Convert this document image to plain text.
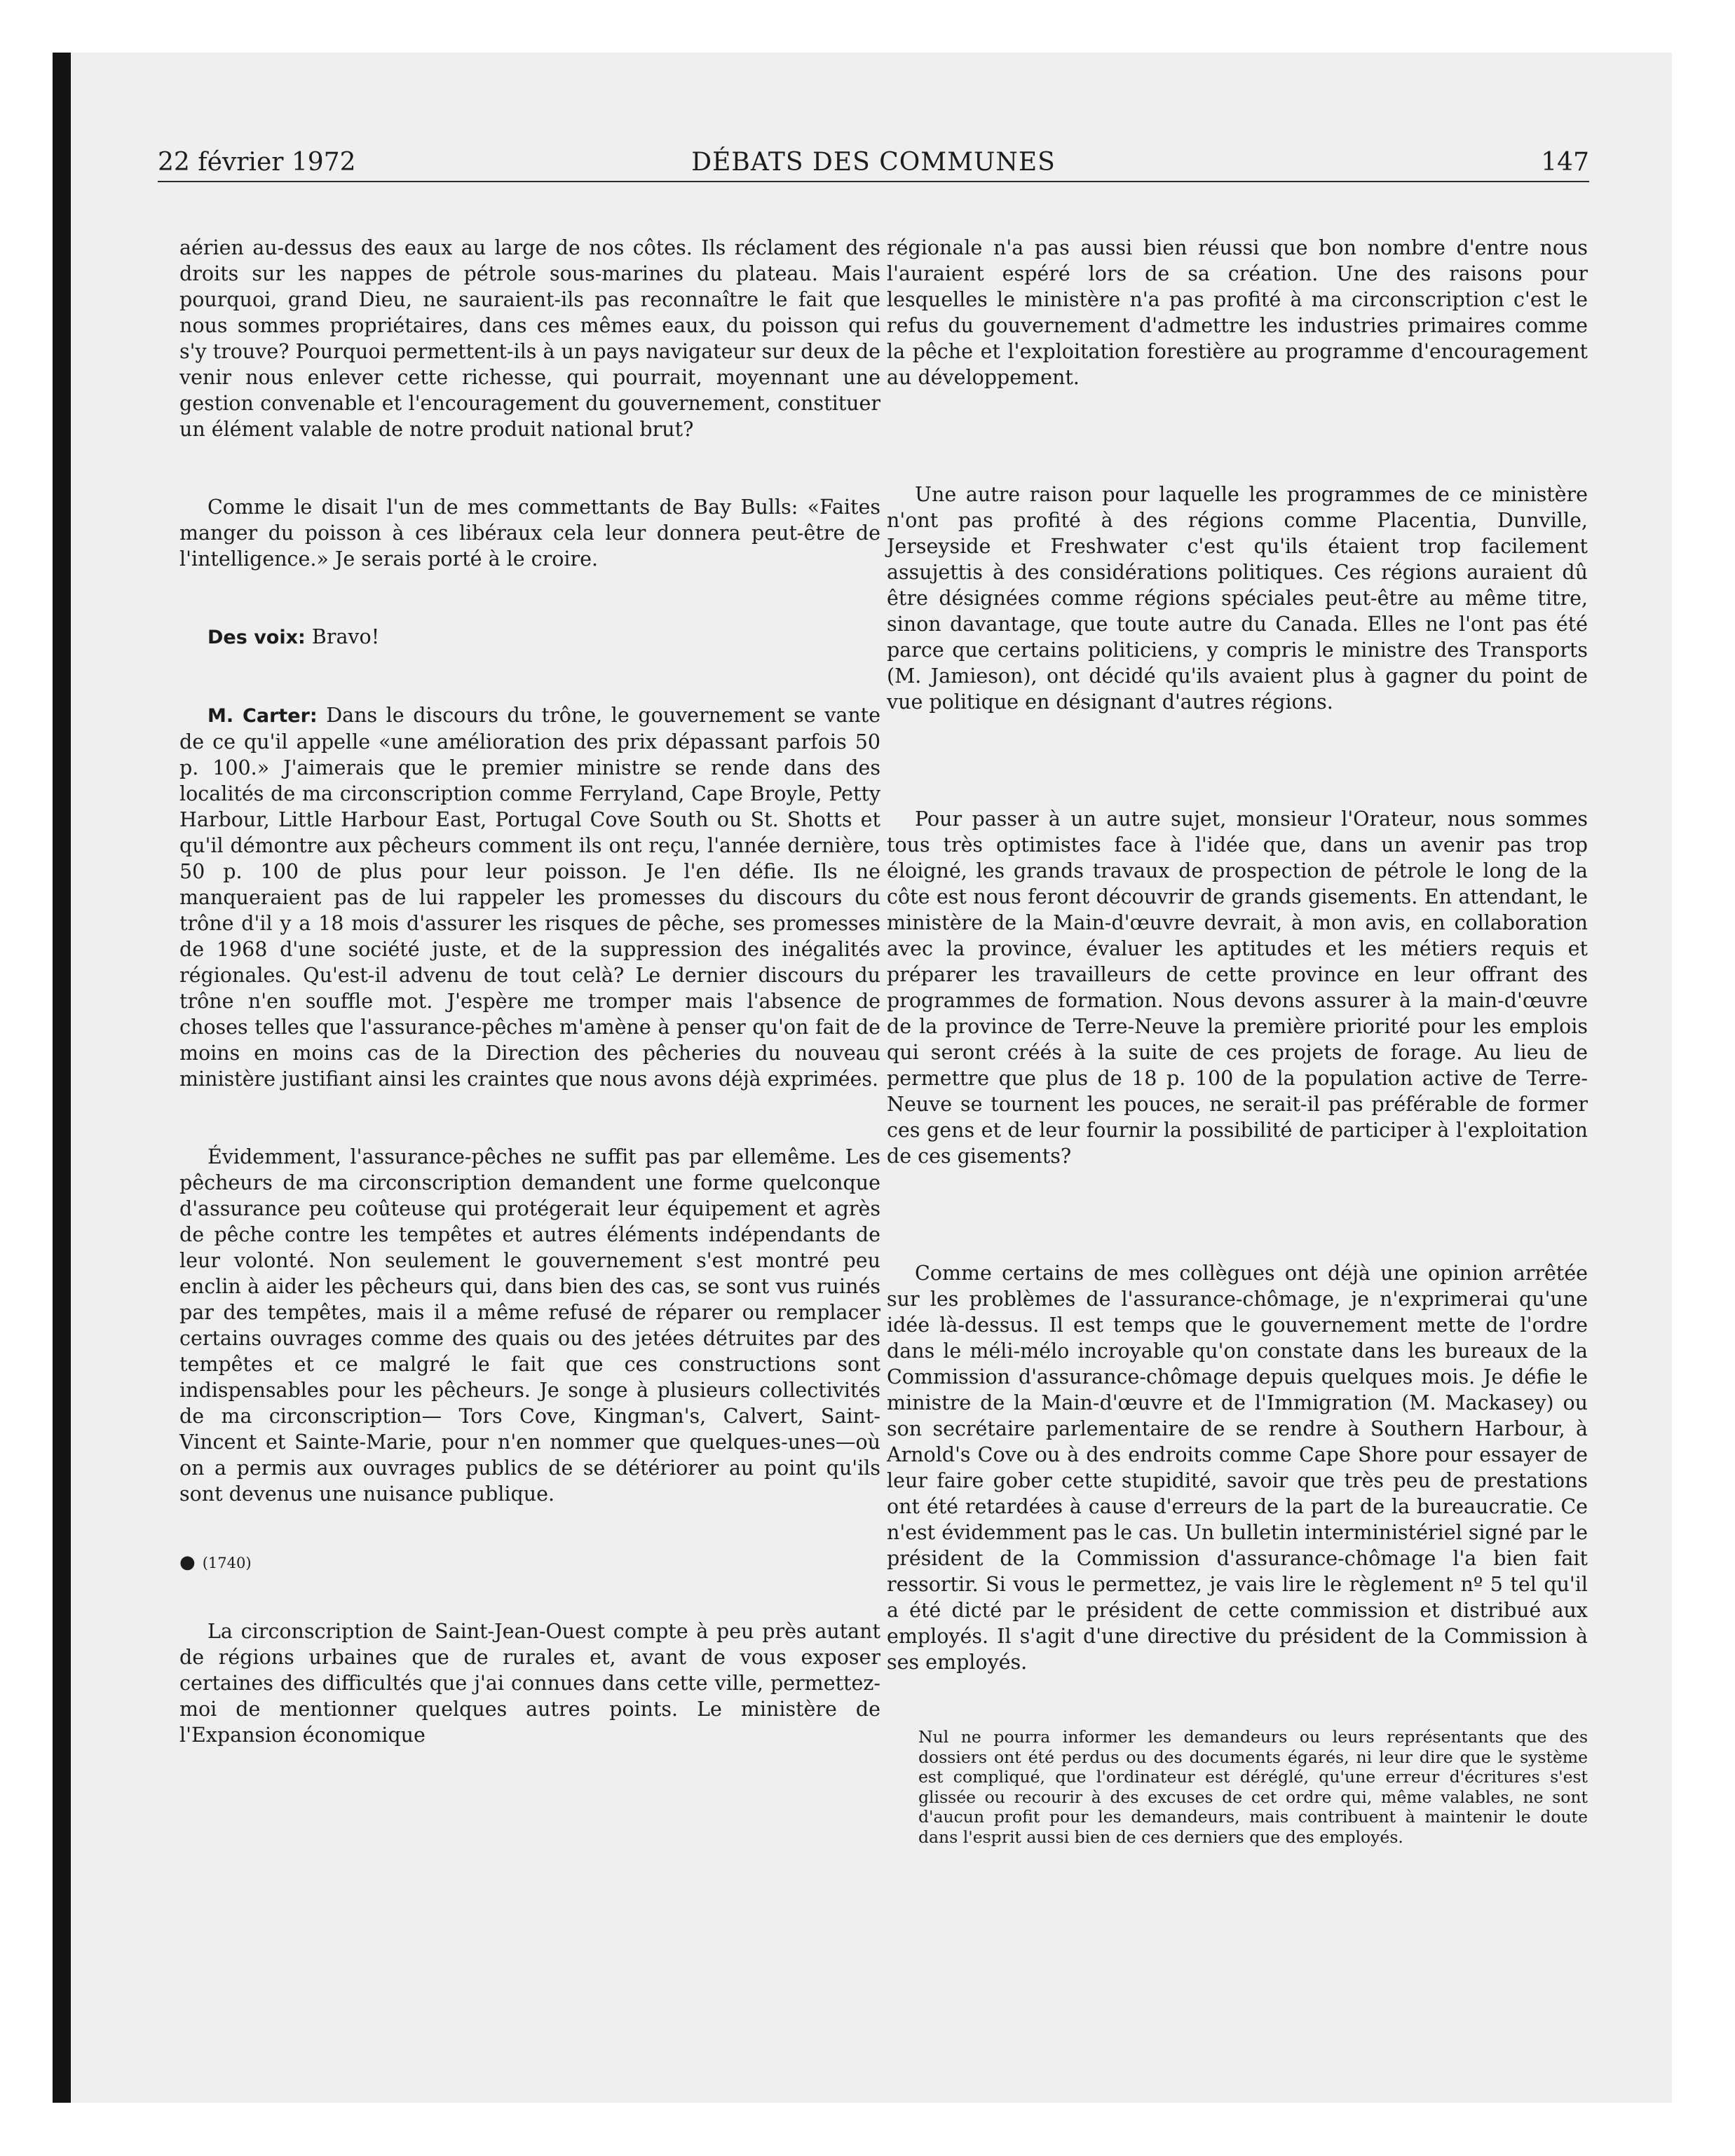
22 février 1972	DÉBATS DES COMMUNES	147

aérien au-dessus des eaux au large de nos côtes. Ils réclament des droits sur les nappes de pétrole sous-marines du plateau. Mais pourquoi, grand Dieu, ne sauraient-ils pas reconnaître le fait que nous sommes propriétaires, dans ces mêmes eaux, du poisson qui s'y trouve? Pourquoi permettent-ils à un pays navigateur sur deux de venir nous enlever cette richesse, qui pourrait, moyennant une gestion convenable et l'encouragement du gouvernement, constituer un élément valable de notre produit national brut?

Comme le disait l'un de mes commettants de Bay Bulls: «Faites manger du poisson à ces libéraux cela leur donnera peut-être de l'intelligence.» Je serais porté à le croire.

Des voix: Bravo!

M. Carter: Dans le discours du trône, le gouvernement se vante de ce qu'il appelle «une amélioration des prix dépassant parfois 50 p. 100.» J'aimerais que le premier ministre se rende dans des localités de ma circonscription comme Ferryland, Cape Broyle, Petty Harbour, Little Harbour East, Portugal Cove South ou St. Shotts et qu'il démontre aux pêcheurs comment ils ont reçu, l'année dernière, 50 p. 100 de plus pour leur poisson. Je l'en défie. Ils ne manqueraient pas de lui rappeler les promesses du discours du trône d'il y a 18 mois d'assurer les risques de pêche, ses promesses de 1968 d'une société juste, et de la suppression des inégalités régionales. Qu'est-il advenu de tout celà? Le dernier discours du trône n'en souffle mot. J'espère me tromper mais l'absence de choses telles que l'assurance-pêches m'amène à penser qu'on fait de moins en moins cas de la Direction des pêcheries du nouveau ministère justifiant ainsi les craintes que nous avons déjà exprimées.

Évidemment, l'assurance-pêches ne suffit pas par ellemême. Les pêcheurs de ma circonscription demandent une forme quelconque d'assurance peu coûteuse qui protégerait leur équipement et agrès de pêche contre les tempêtes et autres éléments indépendants de leur volonté. Non seulement le gouvernement s'est montré peu enclin à aider les pêcheurs qui, dans bien des cas, se sont vus ruinés par des tempêtes, mais il a même refusé de réparer ou remplacer certains ouvrages comme des quais ou des jetées détruites par des tempêtes et ce malgré le fait que ces constructions sont indispensables pour les pêcheurs. Je songe à plusieurs collectivités de ma circonscription— Tors Cove, Kingman's, Calvert, Saint-Vincent et Sainte-Marie, pour n'en nommer que quelques-unes—où on a permis aux ouvrages publics de se détériorer au point qu'ils sont devenus une nuisance publique.

● (1740)

La circonscription de Saint-Jean-Ouest compte à peu près autant de régions urbaines que de rurales et, avant de vous exposer certaines des difficultés que j'ai connues dans cette ville, permettez-moi de mentionner quelques autres points. Le ministère de l'Expansion économique

régionale n'a pas aussi bien réussi que bon nombre d'entre nous l'auraient espéré lors de sa création. Une des raisons pour lesquelles le ministère n'a pas profité à ma circonscription c'est le refus du gouvernement d'admettre les industries primaires comme la pêche et l'exploitation forestière au programme d'encouragement au développement.

Une autre raison pour laquelle les programmes de ce ministère n'ont pas profité à des régions comme Placentia, Dunville, Jerseyside et Freshwater c'est qu'ils étaient trop facilement assujettis à des considérations politiques. Ces régions auraient dû être désignées comme régions spéciales peut-être au même titre, sinon davantage, que toute autre du Canada. Elles ne l'ont pas été parce que certains politiciens, y compris le ministre des Transports (M. Jamieson), ont décidé qu'ils avaient plus à gagner du point de vue politique en désignant d'autres régions.

Pour passer à un autre sujet, monsieur l'Orateur, nous sommes tous très optimistes face à l'idée que, dans un avenir pas trop éloigné, les grands travaux de prospection de pétrole le long de la côte est nous feront découvrir de grands gisements. En attendant, le ministère de la Main-d'œuvre devrait, à mon avis, en collaboration avec la province, évaluer les aptitudes et les métiers requis et préparer les travailleurs de cette province en leur offrant des programmes de formation. Nous devons assurer à la main-d'œuvre de la province de Terre-Neuve la première priorité pour les emplois qui seront créés à la suite de ces projets de forage. Au lieu de permettre que plus de 18 p. 100 de la population active de Terre-Neuve se tournent les pouces, ne serait-il pas préférable de former ces gens et de leur fournir la possibilité de participer à l'exploitation de ces gisements?

Comme certains de mes collègues ont déjà une opinion arrêtée sur les problèmes de l'assurance-chômage, je n'exprimerai qu'une idée là-dessus. Il est temps que le gouvernement mette de l'ordre dans le méli-mélo incroyable qu'on constate dans les bureaux de la Commission d'assurance-chômage depuis quelques mois. Je défie le ministre de la Main-d'œuvre et de l'Immigration (M. Mackasey) ou son secrétaire parlementaire de se rendre à Southern Harbour, à Arnold's Cove ou à des endroits comme Cape Shore pour essayer de leur faire gober cette stupidité, savoir que très peu de prestations ont été retardées à cause d'erreurs de la part de la bureaucratie. Ce n'est évidemment pas le cas. Un bulletin interministériel signé par le président de la Commission d'assurance-chômage l'a bien fait ressortir. Si vous le permettez, je vais lire le règlement nº 5 tel qu'il a été dicté par le président de cette commission et distribué aux employés. Il s'agit d'une directive du président de la Commission à ses employés.

Nul ne pourra informer les demandeurs ou leurs représentants que des dossiers ont été perdus ou des documents égarés, ni leur dire que le système est compliqué, que l'ordinateur est déréglé, qu'une erreur d'écritures s'est glissée ou recourir à des excuses de cet ordre qui, même valables, ne sont d'aucun profit pour les demandeurs, mais contribuent à maintenir le doute dans l'esprit aussi bien de ces derniers que des employés.
